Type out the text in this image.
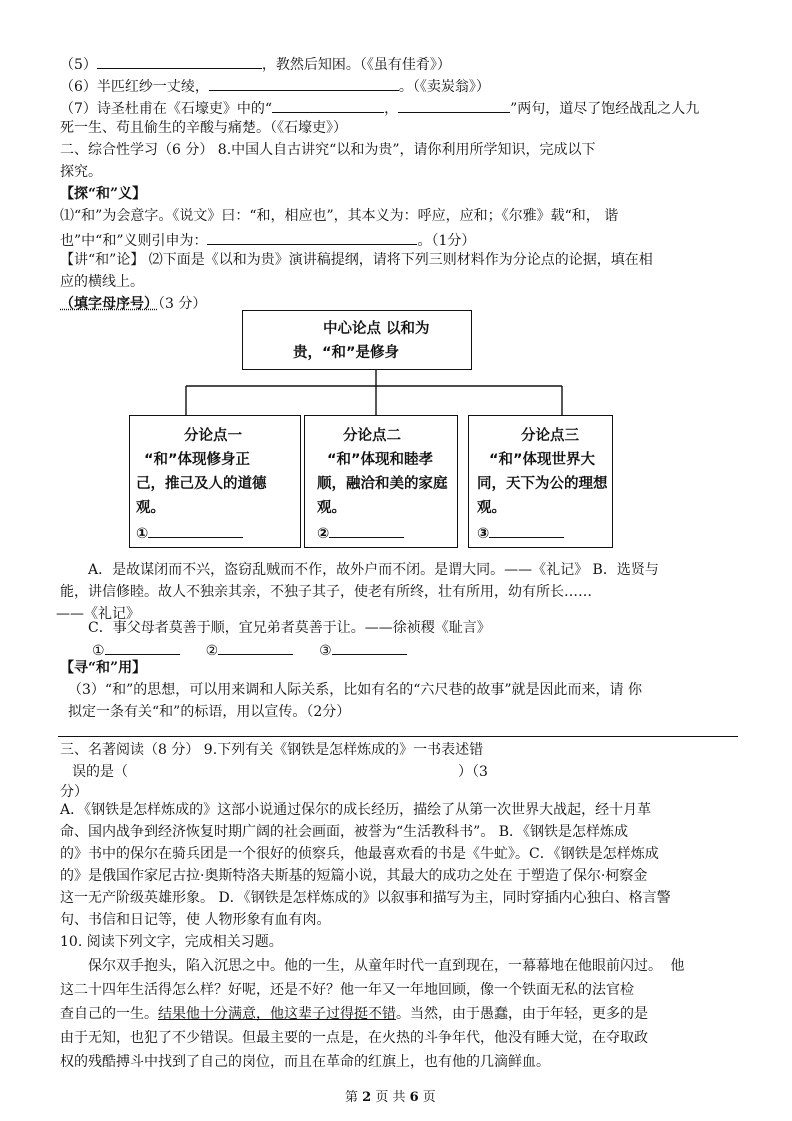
（5）	，教然后知困。（《虽有佳肴》）
（6）半匹红纱一丈绫，	。（《卖炭翁》）
（7）诗圣杜甫在《石壕吏》中的“	，	”两句，道尽了饱经战乱之人九
死一生、苟且偷生的辛酸与痛楚。（《石壕吏》）
二、综合性学习（6 分） 8.中国人自古讲究“以和为贵”，请你利用所学知识，完成以下
探究。
【探“和”义】
⑴“和”为会意字。《说文》曰：“和，相应也”，其本义为：呼应，应和；《尔雅》载“和， 谐
也”中“和”义则引申为：	。（1分）
【讲“和”论】 ⑵下面是《以和为贵》演讲稿提纲，请将下列三则材料作为分论点的论据，填在相
应的横线上。
（填字母序号）（3 分）
中心论点 以和为
贵，“和”是修身
分论点一
“和”体现修身正
己，推己及人的道德
观。
①
分论点二
“和”体现和睦孝
顺，融洽和美的家庭
观。
②
分论点三
“和”体现世界大
同，天下为公的理想
观。
③
A．是故谋闭而不兴，盗窃乱贼而不作，故外户而不闭。是谓大同。——《礼记》 B．选贤与
能，讲信修睦。故人不独亲其亲，不独子其子，使老有所终，壮有所用，幼有所长……
——《礼记》
C．事父母者莫善于顺，宜兄弟者莫善于让。——徐祯稷《耻言》
①	②	③
【寻“和”用】
（3）“和”的思想，可以用来调和人际关系，比如有名的“六尺巷的故事”就是因此而来，请 你
拟定一条有关“和”的标语，用以宣传。（2分）
三、名著阅读（8 分） 9.下列有关《钢铁是怎样炼成的》一书表述错
误的是（	）（3
分）
A．《钢铁是怎样炼成的》这部小说通过保尔的成长经历，描绘了从第一次世界大战起，经十月革
命、国内战争到经济恢复时期广阔的社会画面，被誉为“生活教科书”。 B．《钢铁是怎样炼成
的》书中的保尔在骑兵团是一个很好的侦察兵，他最喜欢看的书是《牛虻》。C．《钢铁是怎样炼成
的》是俄国作家尼古拉·奥斯特洛夫斯基的短篇小说，其最大的成功之处在 于塑造了保尔·柯察金
这一无产阶级英雄形象。 D．《钢铁是怎样炼成的》以叙事和描写为主，同时穿插内心独白、格言警
句、书信和日记等，使 人物形象有血有肉。
10. 阅读下列文字，完成相关习题。
保尔双手抱头，陷入沉思之中。他的一生，从童年时代一直到现在，一幕幕地在他眼前闪过。 他
这二十四年生活得怎么样？好呢，还是不好？他一年又一年地回顾，像一个铁面无私的法官检
查自己的一生。结果他十分满意，他这辈子过得挺不错。当然，由于愚蠢，由于年轻，更多的是
由于无知，也犯了不少错误。但最主要的一点是，在火热的斗争年代，他没有睡大觉，在夺取政
权的残酷搏斗中找到了自己的岗位，而且在革命的红旗上，也有他的几滴鲜血。
第 2 页 共 6 页
